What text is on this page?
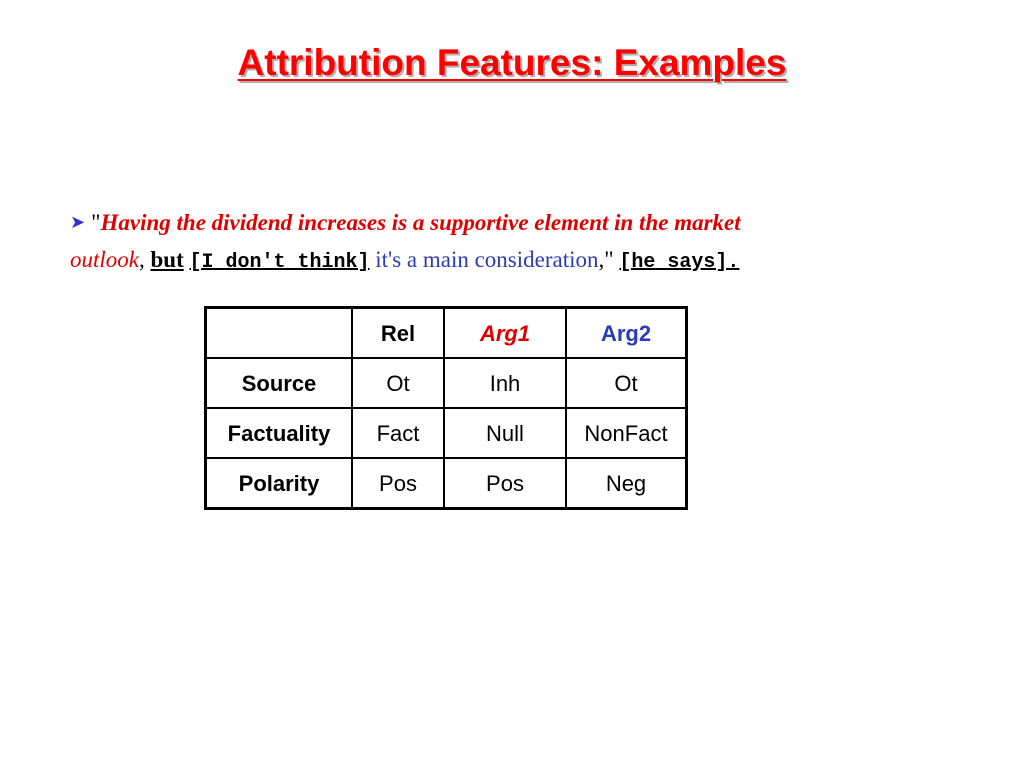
Attribution Features: Examples
➤ "Having the dividend increases is a supportive element in the market
outlook, but [I don't think] it's a main consideration," [he says].
	Rel	Arg1	Arg2
Source	Ot	Inh	Ot
Factuality	Fact	Null	NonFact
Polarity	Pos	Pos	Neg
